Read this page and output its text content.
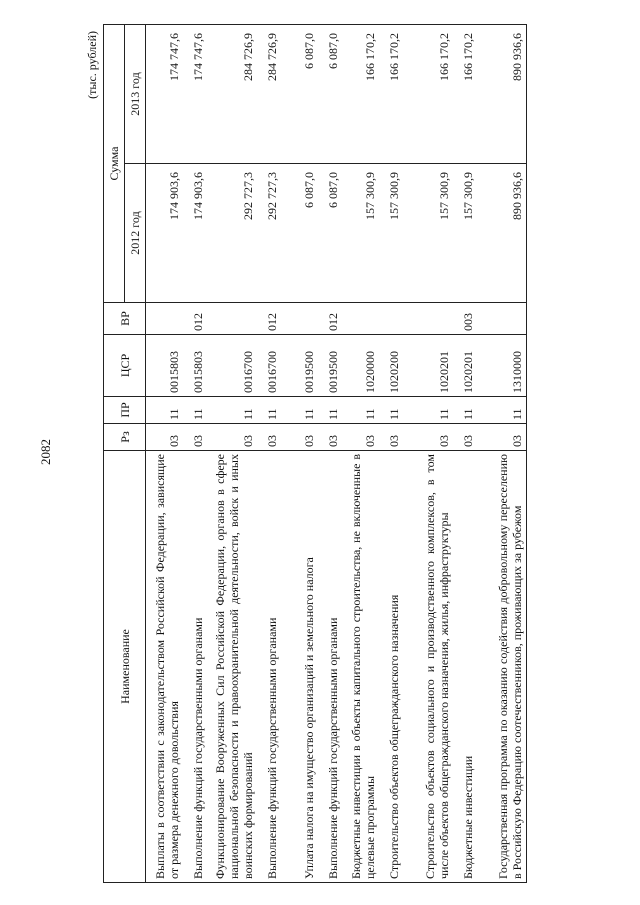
2082
(тыс. рублей)
Наименование	Рз	ПР	ЦСР	ВР	Сумма	
					2012 год	2013 год
Выплаты в соответствии с законодательством Российской Федерации, зависящие от размера денежного довольствия	03	11	0015803		174 903,6	174 747,6
Выполнение функций государственными органами	03	11	0015803	012	174 903,6	174 747,6
Функционирование Вооруженных Сил Российской Федерации, органов в сфере национальной безопасности и правоохранительной деятельности, войск и иных воинских формирований	03	11	0016700		292 727,3	284 726,9
Выполнение функций государственными органами	03	11	0016700	012	292 727,3	284 726,9
Уплата налога на имущество организаций и земельного налога	03	11	0019500		6 087,0	6 087,0
Выполнение функций государственными органами	03	11	0019500	012	6 087,0	6 087,0
Бюджетные инвестиции в объекты капитального строительства, не включенные в целевые программы	03	11	1020000		157 300,9	166 170,2
Строительство объектов общегражданского назначения	03	11	1020200		157 300,9	166 170,2
Строительство объектов социального и производственного комплексов, в том числе объектов общегражданского назначения, жилья, инфраструктуры	03	11	1020201		157 300,9	166 170,2
Бюджетные инвестиции	03	11	1020201	003	157 300,9	166 170,2
Государственная программа по оказанию содействия добровольному переселению в Российскую Федерацию соотечественников, проживающих за рубежом	03	11	1310000		890 936,6	890 936,6
